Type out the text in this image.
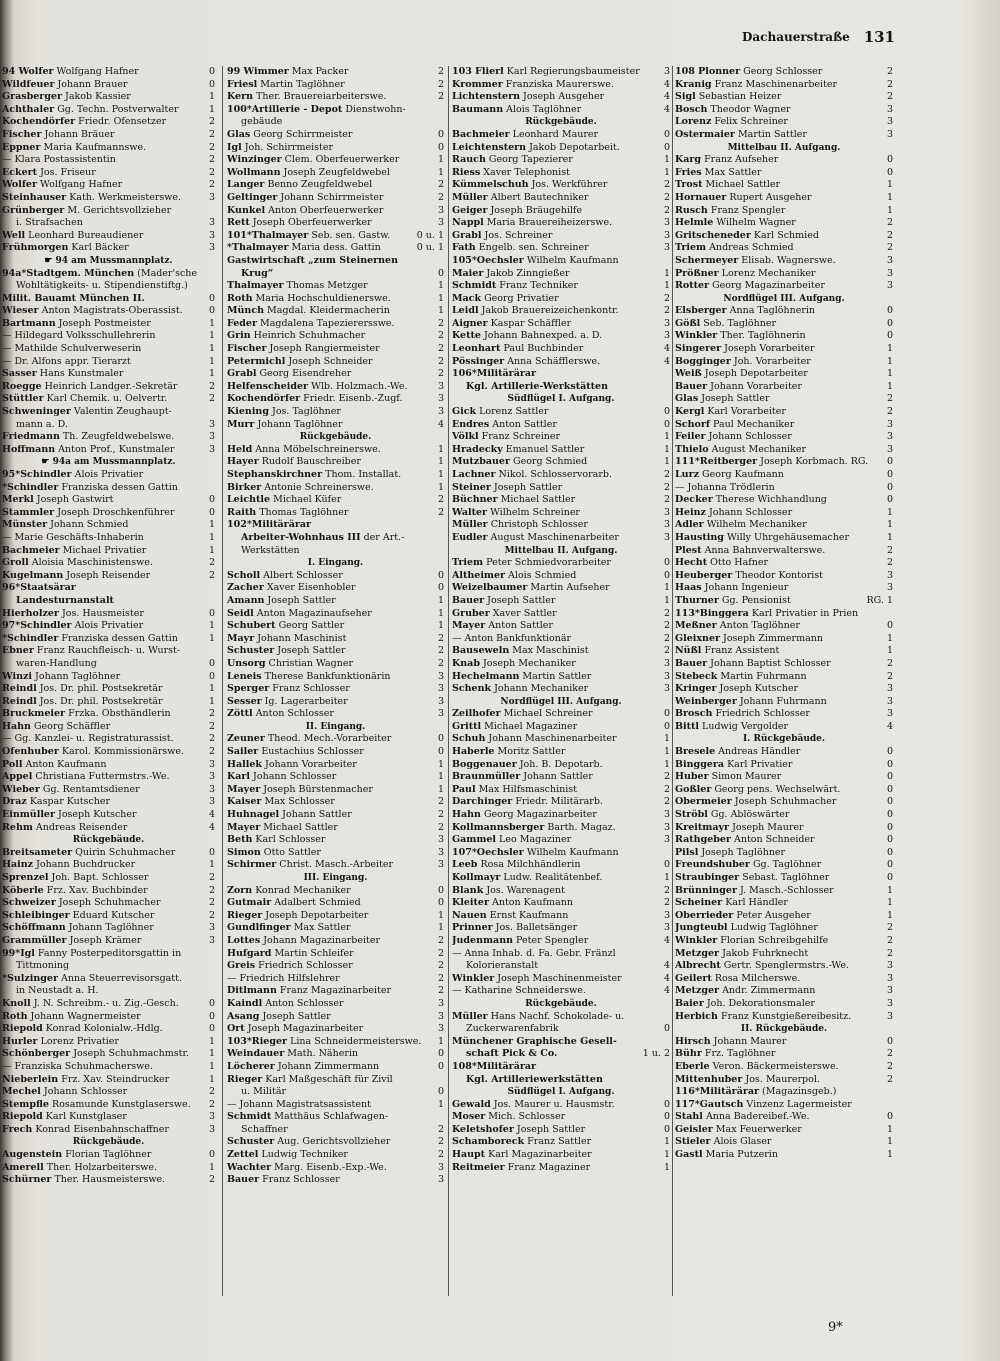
Dachauerstraße 131
94 Wolfer Wolfgang Hafner	0
Wildfeuer Johann Brauer	0
Grasberger Jakob Kassier	1
Achthaler Gg. Techn. Postverwalter	1
Kochendörfer Friedr. Ofensetzer	2
Fischer Johann Bräuer	2
Eppner Maria Kaufmannswe.	2
— Klara Postassistentin	2
Eckert Jos. Friseur	2
Wolfer Wolfgang Hafner	2
Steinhauser Kath. Werkmeisterswe.	3
Grünberger M. Gerichtsvollzieher
i. Strafsachen	3
Well Leonhard Bureaudiener	3
Frühmorgen Karl Bäcker	3
☛ 94 am Mussmannplatz.
94a*Stadtgem. München (Mader'sche
Wohltätigkeits- u. Stipendienstiftg.)
Milit. Bauamt München II.	0
Wieser Anton Magistrats-Oberassist.	0
Bartmann Joseph Postmeister	1
— Hildegard Volksschullehrerin	1
— Mathilde Schulverweserin	1
— Dr. Alfons appr. Tierarzt	1
Sasser Hans Kunstmaler	1
Roegge Heinrich Landger.-Sekretär	2
Stüttler Karl Chemik. u. Oelvertr.	2
Schweninger Valentin Zeughaupt-
mann a. D.	3
Friedmann Th. Zeugfeldwebelswe.	3
Hoffmann Anton Prof., Kunstmaler	3
☛ 94a am Mussmannplatz.
95*Schindler Alois Privatier
*Schindler Franziska dessen Gattin
Merkl Joseph Gastwirt	0
Stammler Joseph Droschkenführer	0
Münster Johann Schmied	1
— Marie Geschäfts-Inhaberin	1
Bachmeier Michael Privatier	1
Groll Aloisia Maschinistenswe.	2
Kugelmann Joseph Reisender	2
96*Staatsärar
Landesturnanstalt
Hierholzer Jos. Hausmeister	0
97*Schindler Alois Privatier	1
*Schindler Franziska dessen Gattin	1
Ebner Franz Rauchfleisch- u. Wurst-
waren-Handlung	0
Winzi Johann Taglöhner	0
Reindl Jos. Dr. phil. Postsekretär	1
Reindl Jos. Dr. phil. Postsekretär	1
Bruckmeier Frzka. Obsthändlerin	2
Hahn Georg Schäffler	2
— Gg. Kanzlei- u. Registraturassist.	2
Ofenhuber Karol. Kommissionärswe.	2
Poll Anton Kaufmann	3
Appel Christiana Futtermstrs.-We.	3
Wieber Gg. Rentamtsdiener	3
Draz Kaspar Kutscher	3
Einmüller Joseph Kutscher	4
Rehm Andreas Reisender	4
Rückgebäude.
Breitsameter Quirin Schuhmacher	0
Hainz Johann Buchdrucker	1
Sprenzel Joh. Bapt. Schlosser	2
Köberle Frz. Xav. Buchbinder	2
Schweizer Joseph Schuhmacher	2
Schleibinger Eduard Kutscher	2
Schöffmann Johann Taglöhner	3
Grammüller Joseph Krämer	3
99*Igl Fanny Posterpeditorsgattin in
Tittmoning
*Sulzinger Anna Steuerrevisorsgatt.
in Neustadt a. H.
Knoll J. N. Schreibm.- u. Zig.-Gesch.	0
Roth Johann Wagnermeister	0
Riepold Konrad Kolonialw.-Hdlg.	0
Hurler Lorenz Privatier	1
Schönberger Joseph Schuhmachmstr. 1
— Franziska Schuhmacherswe.	1
Nieberlein Frz. Xav. Steindrucker	1
Mechel Johann Schlosser	2
Stempfle Rosamunde Kunstglaserswe. 2
Riepold Karl Kunstglaser	3
Frech Konrad Eisenbahnschaffner	3
Rückgebäude.
Augenstein Florian Taglöhner	0
Amerell Ther. Holzarbeiterswe.	1
Schürner Ther. Hausmeisterswe.	2
99 Wimmer Max Packer	2
Friesl Martin Taglöhner	2
Kern Ther. Brauereiarbeiterswe.	2
100*Artillerie - Depot Dienstwohn-
gebäude
Glas Georg Schirrmeister	0
Igl Joh. Schirrmeister	0
Winzinger Clem. Oberfeuerwerker	1
Wollmann Joseph Zeugfeldwebel	1
Langer Benno Zeugfeldwebel	2
Geltinger Johann Schirrmeister	2
Kunkel Anton Oberfeuerwerker	3
Rett Joseph Oberfeuerwerker	3
101*Thalmayer Seb. sen. Gastw.	0 u. 1
*Thalmayer Maria dess. Gattin	0 u. 1
Gastwirtschaft „zum Steinernen
Krug“	0
Thalmayer Thomas Metzger	1
Roth Maria Hochschuldienerswe.	1
Münch Magdal. Kleidermacherin	1
Feder Magdalena Tapezierersswe.	2
Grin Heinrich Schuhmacher	2
Fischer Joseph Rangiermeister	2
Petermichl Joseph Schneider	2
Grabl Georg Eisendreher	2
Helfenscheider Wlb. Holzmach.-We.	3
Kochendörfer Friedr. Eisenb.-Zugf.	3
Kiening Jos. Taglöhner	3
Murr Johann Taglöhner	4
Rückgebäude.
Held Anna Möbelschreinerswe.	1
Hayer Rudolf Bauschreiber	1
Stephanskirchner Thom. Installat.	1
Birker Antonie Schreinerswe.	1
Leichtle Michael Küfer	2
Raith Thomas Taglöhner	2
102*Militärärar
Arbeiter-Wohnhaus III der Art.-
Werkstätten
I. Eingang.
Scholl Albert Schlosser	0
Zacher Xaver Eisenhobler	0
Amann Joseph Sattler	1
Seidl Anton Magazinaufseher	1
Schubert Georg Sattler	1
Mayr Johann Maschinist	2
Schuster Joseph Sattler	2
Unsorg Christian Wagner	2
Leneis Therese Bankfunktionärin	3
Sperger Franz Schlosser	3
Sesser Ig. Lagerarbeiter	3
Zöttl Anton Schlosser	3
II. Eingang.
Zeuner Theod. Mech.-Vorarbeiter	0
Sailer Eustachius Schlosser	0
Hallek Johann Vorarbeiter	1
Karl Johann Schlosser	1
Mayer Joseph Bürstenmacher	1
Kaiser Max Schlosser	2
Huhnagel Johann Sattler	2
Mayer Michael Sattler	2
Beth Karl Schlosser	3
Simon Otto Sattler	3
Schirmer Christ. Masch.-Arbeiter	3
III. Eingang.
Zorn Konrad Mechaniker	0
Gutmair Adalbert Schmied	0
Rieger Joseph Depotarbeiter	1
Gundlfinger Max Sattler	1
Lottes Johann Magazinarbeiter	2
Hufgard Martin Schleifer	2
Greis Friedrich Schlosser	2
— Friedrich Hilfslehrer	2
Ditlmann Franz Magazinarbeiter	2
Kaindl Anton Schlosser	3
Asang Joseph Sattler	3
Ort Joseph Magazinarbeiter	3
103*Rieger Lina Schneidermeisterswe. 1
Weindauer Math. Näherin	0
Löcherer Johann Zimmermann	0
Rieger Karl Maßgeschäft für Zivil
u. Militär	0
— Johann Magistratsassistent	1
Schmidt Matthäus Schlafwagen-
Schaffner	2
Schuster Aug. Gerichtsvollzieher	2
Zettel Ludwig Techniker	2
Wachter Marg. Eisenb.-Exp.-We.	3
Bauer Franz Schlosser	3
103 Flierl Karl Regierungsbaumeister	3
Krommer Franziska Maurerswe.	4
Lichtenstern Joseph Ausgeher	4
Baumann Alois Taglöhner	4
Rückgebäude.
Bachmeier Leonhard Maurer	0
Leichtenstern Jakob Depotarbeit.	0
Rauch Georg Tapezierer	1
Riess Xaver Telephonist	1
Kümmelschuh Jos. Werkführer	2
Müller Albert Bautechniker	2
Geiger Joseph Bräugehilfe	2
Nappl Maria Brauereiheizerswe.	3
Grabl Jos. Schreiner	3
Fath Engelb. sen. Schreiner	3
105*Oechsler Wilhelm Kaufmann
Maier Jakob Zinngießer	1
Schmidt Franz Techniker	1
Mack Georg Privatier	2
Leidl Jakob Brauereizeichenkontr.	2
Aigner Kaspar Schäffler	3
Kette Johann Bahnexped. a. D.	3
Leonhart Paul Buchbinder	4
Pössinger Anna Schäfflerswe.	4
106*Militärärar
Kgl. Artillerie-Werkstätten
Südflügel I. Aufgang.
Gick Lorenz Sattler	0
Endres Anton Sattler	0
Völkl Franz Schreiner	1
Hradecky Emanuel Sattler	1
Mutzbauer Georg Schmied	1
Lachner Nikol. Schlosservorarb.	2
Steiner Joseph Sattler	2
Büchner Michael Sattler	2
Walter Wilhelm Schreiner	3
Müller Christoph Schlosser	3
Eudler August Maschinenarbeiter	3
Mittelbau II. Aufgang.
Triem Peter Schmiedvorarbeiter	0
Altheimer Alois Schmied	0
Weizelbaumer Martin Aufseher	1
Bauer Joseph Sattler	1
Gruber Xaver Sattler	2
Mayer Anton Sattler	2
— Anton Bankfunktionär	2
Bauseweln Max Maschinist	2
Knab Joseph Mechaniker	3
Hechelmann Martin Sattler	3
Schenk Johann Mechaniker	3
Nordflügel III. Aufgang.
Zeilhofer Michael Schreiner	0
Grittl Michael Magaziner	0
Schuh Johann Maschinenarbeiter	1
Haberle Moritz Sattler	1
Boggenauer Joh. B. Depotarb.	1
Braunmüller Johann Sattler	2
Paul Max Hilfsmaschinist	2
Darchinger Friedr. Militärarb.	2
Hahn Georg Magazinarbeiter	3
Kollmannsberger Barth. Magaz.	3
Gammel Leo Magaziner	3
107*Oechsler Wilhelm Kaufmann
Leeb Rosa Milchhändlerin	0
Kollmayr Ludw. Realitätenbef.	1
Blank Jos. Warenagent	2
Kleiter Anton Kaufmann	2
Nauen Ernst Kaufmann	3
Prinner Jos. Balletsänger	3
Judenmann Peter Spengler	4
— Anna Inhab. d. Fa. Gebr. Fränzl
Kolorieranstalt	4
Winkler Joseph Maschinenmeister	4
— Katharine Schneiderswe.	4
Rückgebäude.
Müller Hans Nachf. Schokolade- u.
Zuckerwarenfabrik	0
Münchener Graphische Gesell-
schaft Pick & Co.	1 u. 2
108*Militärärar
Kgl. Artilleriewerkstätten
Südflügel I. Aufgang.
Gewald Jos. Maurer u. Hausmstr.	0
Moser Mich. Schlosser	0
Keletshofer Joseph Sattler	0
Schamboreck Franz Sattler	1
Haupt Karl Magazinarbeiter	1
Reitmeier Franz Magaziner	1
108 Plonner Georg Schlosser	2
Kranig Franz Maschinenarbeiter	2
Sigl Sebastian Heizer	2
Bosch Theodor Wagner	3
Lorenz Felix Schreiner	3
Ostermaier Martin Sattler	3
Mittelbau II. Aufgang.
Karg Franz Aufseher	0
Fries Max Sattler	0
Trost Michael Sattler	1
Hornauer Rupert Ausgeher	1
Rusch Franz Spengler	1
Helmle Wilhelm Wagner	2
Gritschenеder Karl Schmied	2
Triem Andreas Schmied	2
Schermeyer Elisab. Wagnerswe.	3
Prößner Lorenz Mechaniker	3
Rotter Georg Magazinarbeiter	3
Nordflügel III. Aufgang.
Elsberger Anna Taglöhnerin	0
Gößl Seb. Taglöhner	0
Winkler Ther. Taglöhnerin	0
Singerer Joseph Vorarbeiter	1
Bogginger Joh. Vorarbeiter	1
Weiß Joseph Depotarbeiter	1
Bauer Johann Vorarbeiter	1
Glas Joseph Sattler	2
Kergl Karl Vorarbeiter	2
Schorf Paul Mechaniker	3
Feiler Johann Schlosser	3
Thielo August Mechaniker	3
111*Reitberger Joseph Korbmach. RG. 0
Lurz Georg Kaufmann	0
— Johanna Trödlerin	0
Decker Therese Wichhandlung	0
Heinz Johann Schlosser	1
Adler Wilhelm Mechaniker	1
Hausting Willy Uhrgehäusemacher	1
Plest Anna Bahnverwalterswe.	2
Hecht Otto Hafner	2
Heuberger Theodor Kontorist	3
Haas Johann Ingenieur	3
Thurner Gg. Pensionist	RG. 1
113*Binggera Karl Privatier in Prien
Meßner Anton Taglöhner	0
Gleixner Joseph Zimmermann	1
Nüßl Franz Assistent	1
Bauer Johann Baptist Schlosser	2
Stebeck Martin Fuhrmann	2
Kringer Joseph Kutscher	3
Weinberger Johann Fuhrmann	3
Brosch Friedrich Schlosser	3
Bittl Ludwig Vergolder	4
I. Rückgebäude.
Bresele Andreas Händler	0
Binggera Karl Privatier	0
Huber Simon Maurer	0
Goßler Georg pens. Wechselwärt.	0
Obermeier Joseph Schuhmacher	0
Ströbl Gg. Ablöswärter	0
Kreitmayr Joseph Maurer	0
Rathgeber Anton Schneider	0
Pilsl Joseph Taglöhner	0
Freundshuber Gg. Taglöhner	0
Straubinger Sebast. Taglöhner	0
Brünninger J. Masch.-Schlosser	1
Scheiner Karl Händler	1
Oberrieder Peter Ausgeher	1
Jungteubl Ludwig Taglöhner	2
Winkler Florian Schreibgehilfe	2
Metzger Jakob Fuhrknecht	2
Albrecht Gertr. Spenglermstrs.-We.	3
Geilert Rosa Milcherswe.	3
Metzger Andr. Zimmermann	3
Baier Joh. Dekorationsmaler	3
Herbich Franz Kunstgießereibesitz.	3
II. Rückgebäude.
Hirsch Johann Maurer	0
Bühr Frz. Taglöhner	2
Eberle Veron. Bäckermeisterswe.	2
Mittenhuber Jos. Maurerpol.	2
116*Militärärar (Magazinsgeb.)
117*Gautsch Vinzenz Lagermeister
Stahl Anna Badereibef.-We.	0
Geisler Max Feuerwerker	1
Stieler Alois Glaser	1
Gastl Maria Putzerin	1
9*
